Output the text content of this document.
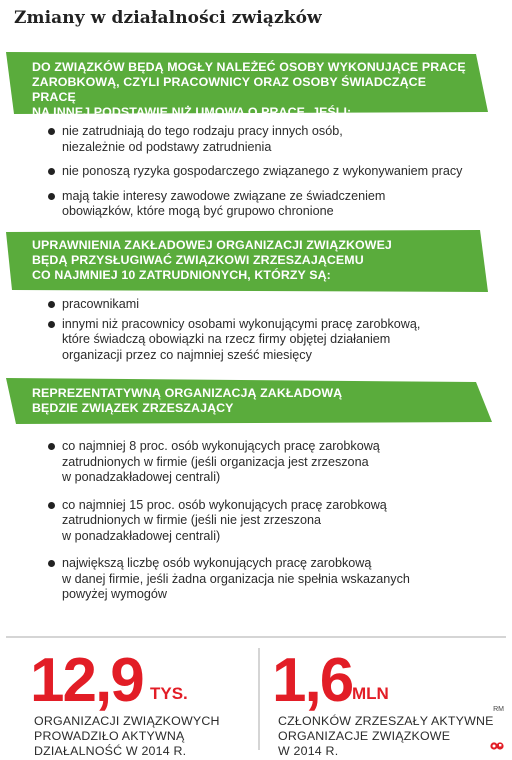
Zmiany w działalności związków
DO ZWIĄZKÓW BĘDĄ MOGŁY NALEŻEĆ OSOBY WYKONUJĄCE PRACĘ
ZAROBKOWĄ, CZYLI PRACOWNICY ORAZ OSOBY ŚWIADCZĄCE PRACĘ
NA INNEJ PODSTAWIE NIŻ UMOWA O PRACĘ, JEŚLI:
nie zatrudniają do tego rodzaju pracy innych osób,
niezależnie od podstawy zatrudnienia
nie ponoszą ryzyka gospodarczego związanego z wykonywaniem pracy
mają takie interesy zawodowe związane ze świadczeniem
obowiązków, które mogą być grupowo chronione
UPRAWNIENIA ZAKŁADOWEJ ORGANIZACJI ZWIĄZKOWEJ
BĘDĄ PRZYSŁUGIWAĆ ZWIĄZKOWI ZRZESZAJĄCEMU
CO NAJMNIEJ 10 ZATRUDNIONYCH, KTÓRZY SĄ:
pracownikami
innymi niż pracownicy osobami wykonującymi pracę zarobkową,
które świadczą obowiązki na rzecz firmy objętej działaniem
organizacji przez co najmniej sześć miesięcy
REPREZENTATYWNĄ ORGANIZACJĄ ZAKŁADOWĄ
BĘDZIE ZWIĄZEK ZRZESZAJĄCY
co najmniej 8 proc. osób wykonujących pracę zarobkową
zatrudnionych w firmie (jeśli organizacja jest zrzeszona
w ponadzakładowej centrali)
co najmniej 15 proc. osób wykonujących pracę zarobkową
zatrudnionych w firmie (jeśli nie jest zrzeszona
w ponadzakładowej centrali)
największą liczbę osób wykonujących pracę zarobkową
w danej firmie, jeśli żadna organizacja nie spełnia wskazanych
powyżej wymogów
12,9 TYS.
ORGANIZACJI ZWIĄZKOWYCH
PROWADZIŁO AKTYWNĄ
DZIAŁALNOŚĆ W 2014 R.
1,6 MLN
CZŁONKÓW ZRZESZAŁY AKTYWNE
ORGANIZACJE ZWIĄZKOWE
W 2014 R.
RM
